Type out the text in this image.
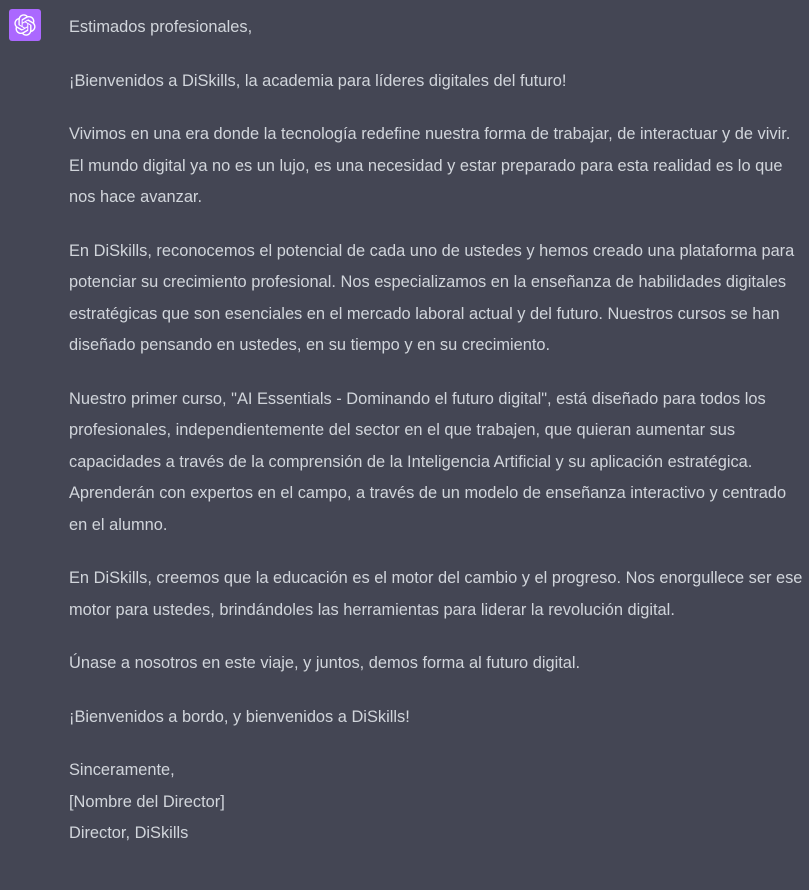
Estimados profesionales,

¡Bienvenidos a DiSkills, la academia para líderes digitales del futuro!

Vivimos en una era donde la tecnología redefine nuestra forma de trabajar, de interactuar y de vivir. El mundo digital ya no es un lujo, es una necesidad y estar preparado para esta realidad es lo que nos hace avanzar.

En DiSkills, reconocemos el potencial de cada uno de ustedes y hemos creado una plataforma para potenciar su crecimiento profesional. Nos especializamos en la enseñanza de habilidades digitales estratégicas que son esenciales en el mercado laboral actual y del futuro. Nuestros cursos se han diseñado pensando en ustedes, en su tiempo y en su crecimiento.

Nuestro primer curso, "AI Essentials - Dominando el futuro digital", está diseñado para todos los profesionales, independientemente del sector en el que trabajen, que quieran aumentar sus capacidades a través de la comprensión de la Inteligencia Artificial y su aplicación estratégica. Aprenderán con expertos en el campo, a través de un modelo de enseñanza interactivo y centrado en el alumno.

En DiSkills, creemos que la educación es el motor del cambio y el progreso. Nos enorgullece ser ese motor para ustedes, brindándoles las herramientas para liderar la revolución digital.

Únase a nosotros en este viaje, y juntos, demos forma al futuro digital.

¡Bienvenidos a bordo, y bienvenidos a DiSkills!

Sinceramente,
[Nombre del Director]
Director, DiSkills
